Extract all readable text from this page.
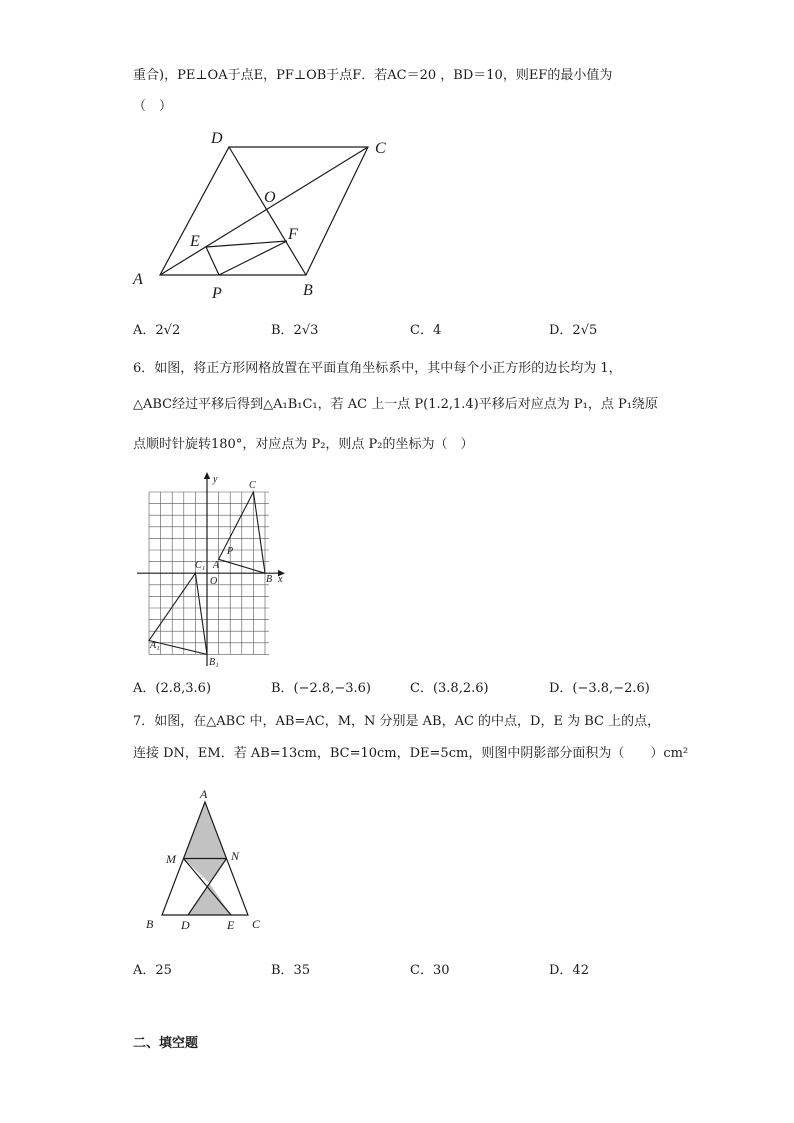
重合)，PE⊥OA于点E，PF⊥OB于点F．若AC＝20 ，BD＝10，则EF的最小值为
（　）
A
B
C
D
O
E	F
P
A．2√2	B．2√3	C．4	D．2√5
6．如图，将正方形网格放置在平面直角坐标系中，其中每个小正方形的边长均为 1，
△ABC经过平移后得到△A₁B₁C₁，若 AC 上一点 P(1.2,1.4)平移后对应点为 P₁，点 P₁绕原
点顺时针旋转180°，对应点为 P₂，则点 P₂的坐标为（　）
y
x
O
A
B
C
P
A₁
B₁
C₁
A．(2.8,3.6)	B．(−2.8,−3.6)	C．(3.8,2.6)	D．(−3.8,−2.6)
7．如图，在△ABC 中，AB=AC，M，N 分别是 AB，AC 的中点，D，E 为 BC 上的点，
连接 DN，EM．若 AB=13cm，BC=10cm，DE=5cm，则图中阴影部分面积为（　　）cm²
A
B	C
D	E
M	N
A．25	B．35	C．30	D．42
二、填空题
